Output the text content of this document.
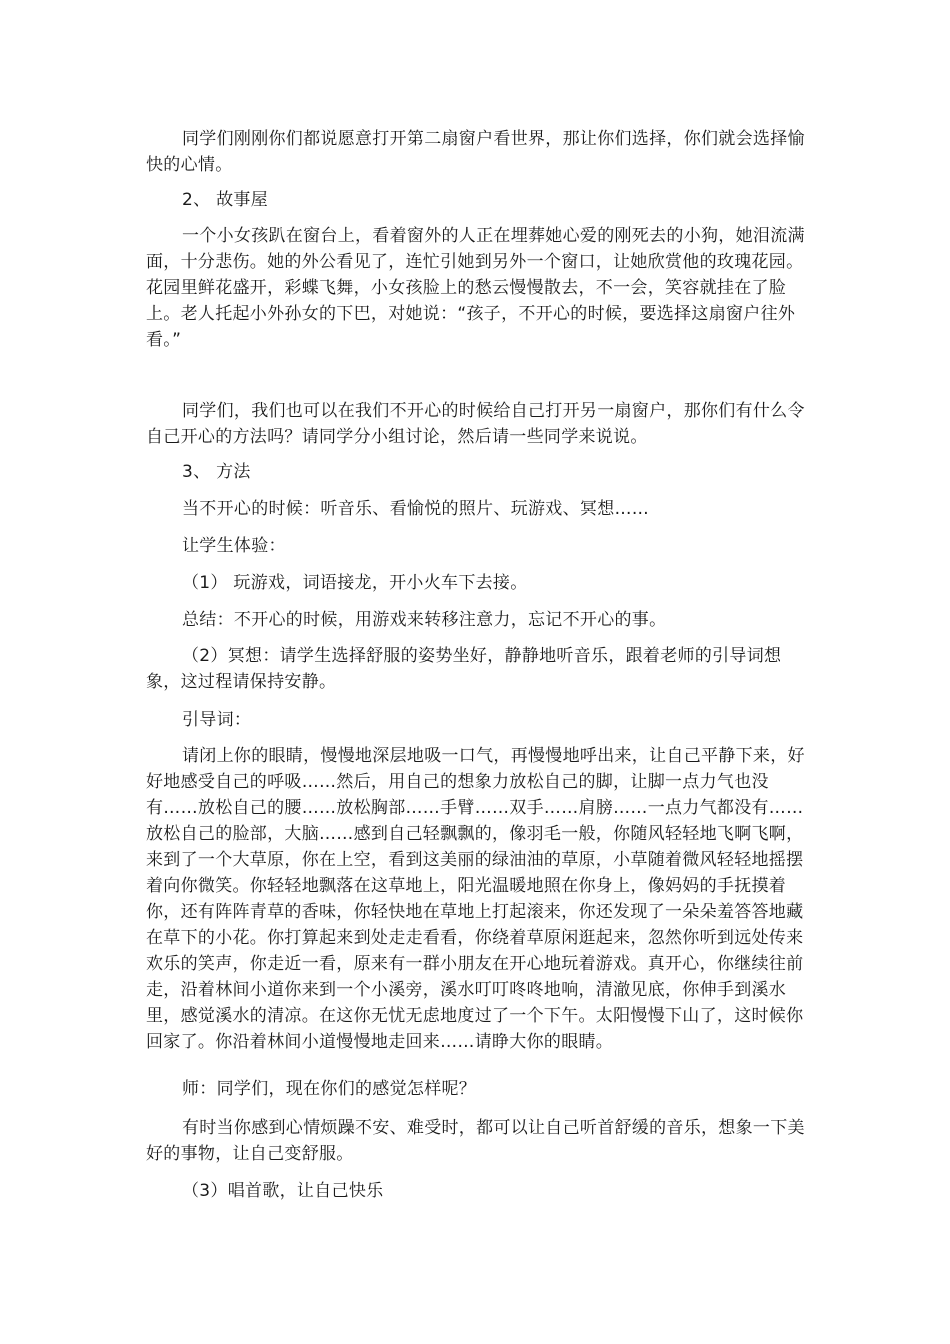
同学们刚刚你们都说愿意打开第二扇窗户看世界，那让你们选择，你们就会选择愉快的心情。

2、 故事屋

一个小女孩趴在窗台上，看着窗外的人正在埋葬她心爱的刚死去的小狗，她泪流满面，十分悲伤。她的外公看见了，连忙引她到另外一个窗口，让她欣赏他的玫瑰花园。花园里鲜花盛开，彩蝶飞舞，小女孩脸上的愁云慢慢散去，不一会，笑容就挂在了脸上。老人托起小外孙女的下巴，对她说：“孩子，不开心的时候，要选择这扇窗户往外看。”

同学们，我们也可以在我们不开心的时候给自己打开另一扇窗户，那你们有什么令自己开心的方法吗？请同学分小组讨论，然后请一些同学来说说。

3、 方法

当不开心的时候：听音乐、看愉悦的照片、玩游戏、冥想……

让学生体验：

（1） 玩游戏，词语接龙，开小火车下去接。

总结：不开心的时候，用游戏来转移注意力，忘记不开心的事。

（2）冥想：请学生选择舒服的姿势坐好，静静地听音乐，跟着老师的引导词想象，这过程请保持安静。

引导词：

请闭上你的眼睛，慢慢地深层地吸一口气，再慢慢地呼出来，让自己平静下来，好好地感受自己的呼吸……然后，用自己的想象力放松自己的脚，让脚一点力气也没有……放松自己的腰……放松胸部……手臂……双手……肩膀……一点力气都没有……放松自己的脸部，大脑……感到自己轻飘飘的，像羽毛一般，你随风轻轻地飞啊飞啊，来到了一个大草原，你在上空，看到这美丽的绿油油的草原，小草随着微风轻轻地摇摆着向你微笑。你轻轻地飘落在这草地上，阳光温暖地照在你身上，像妈妈的手抚摸着你，还有阵阵青草的香味，你轻快地在草地上打起滚来，你还发现了一朵朵羞答答地藏在草下的小花。你打算起来到处走走看看，你绕着草原闲逛起来，忽然你听到远处传来欢乐的笑声，你走近一看，原来有一群小朋友在开心地玩着游戏。真开心，你继续往前走，沿着林间小道你来到一个小溪旁，溪水叮叮咚咚地响，清澈见底，你伸手到溪水里，感觉溪水的清凉。在这你无忧无虑地度过了一个下午。太阳慢慢下山了，这时候你回家了。你沿着林间小道慢慢地走回来……请睁大你的眼睛。

师：同学们，现在你们的感觉怎样呢？

有时当你感到心情烦躁不安、难受时，都可以让自己听首舒缓的音乐，想象一下美好的事物，让自己变舒服。

（3）唱首歌，让自己快乐
